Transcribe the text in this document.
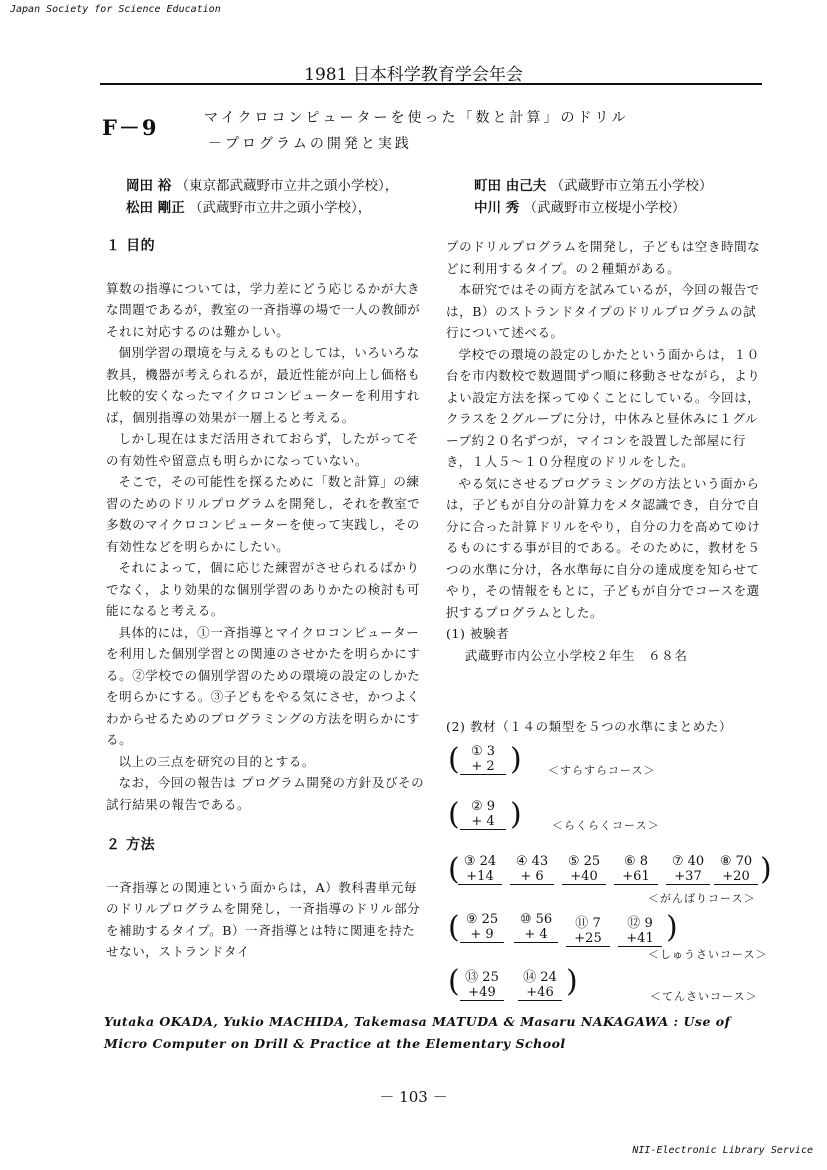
Japan Society for Science Education
1981 日本科学教育学会年会
F－9	マイクロコンピューターを使った「数と計算」のドリル
－プログラムの開発と実践
岡田 裕 （東京都武蔵野市立井之頭小学校），	町田 由己夫 （武蔵野市立第五小学校）
松田 剛正 （武蔵野市立井之頭小学校），	中川 秀 （武蔵野市立桜堤小学校）
１ 目的

算数の指導については，学力差にどう応じるかが大きな問題であるが，教室の一斉指導の場で一人の教師がそれに対応するのは難かしい。

個別学習の環境を与えるものとしては，いろいろな教具，機器が考えられるが，最近性能が向上し価格も比較的安くなったマイクロコンピューターを利用すれば，個別指導の効果が一層上ると考える。

しかし現在はまだ活用されておらず，したがってその有効性や留意点も明らかになっていない。

そこで，その可能性を探るために「数と計算」の練習のためのドリルプログラムを開発し，それを教室で多数のマイクロコンピューターを使って実践し，その有効性などを明らかにしたい。

それによって，個に応じた練習がさせられるばかりでなく，より効果的な個別学習のありかたの検討も可能になると考える。

具体的には，①一斉指導とマイクロコンピューターを利用した個別学習との関連のさせかたを明らかにする。②学校での個別学習のための環境の設定のしかたを明らかにする。③子どもをやる気にさせ，かつよくわからせるためのプログラミングの方法を明らかにする。

以上の三点を研究の目的とする。

なお，今回の報告は プログラム開発の方針及びその試行結果の報告である。

２ 方法

一斉指導との関連という面からは，A）教科書単元毎のドリルプログラムを開発し，一斉指導のドリル部分を補助するタイプ。B）一斉指導とは特に関連を持たせない，ストランドタイ

プのドリルプログラムを開発し，子どもは空き時間などに利用するタイプ。の２種類がある。

本研究ではその両方を試みているが，今回の報告では，B）のストランドタイプのドリルプログラムの試行について述べる。

学校での環境の設定のしかたという面からは，１０台を市内数校で数週間ずつ順に移動させながら，よりよい設定方法を探ってゆくことにしている。今回は，クラスを２グループに分け，中休みと昼休みに１グループ約２０名ずつが，マイコンを設置した部屋に行き，１人５～１０分程度のドリルをした。

やる気にさせるプログラミングの方法という面からは，子どもが自分の計算力をメタ認識でき，自分で自分に合った計算ドリルをやり，自分の力を高めてゆけるものにする事が目的である。そのために，教材を５つの水準に分け，各水準毎に自分の達成度を知らせてやり，その情報をもとに，子どもが自分でコースを選択するプログラムとした。

(1) 被験者

武蔵野市内公立小学校２年生　６８名

(2) 教材（１４の類型を５つの水準にまとめた）
( ① 3
+ 2 ) ＜すらすらコース＞
( ② 9
+ 4 )	＜らくらくコース＞
( ③ 24
+14
④ 43
+ 6
⑤ 25
+40
⑥ 8
+61
⑦ 40
+37
⑧ 70
+20 )
＜がんばりコース＞
( ⑨ 25
+ 9
⑩ 56
+ 4
⑪ 7
+25
⑫ 9
+41 )
＜しゅうさいコース＞
( ⑬ 25
+49
⑭ 24
+46 )	＜てんさいコース＞
Yutaka OKADA, Yukio MACHIDA, Takemasa MATUDA & Masaru NAKAGAWA : Use of
Micro Computer on Drill & Practice at the Elementary School
－ 103 －
NII-Electronic Library Service
